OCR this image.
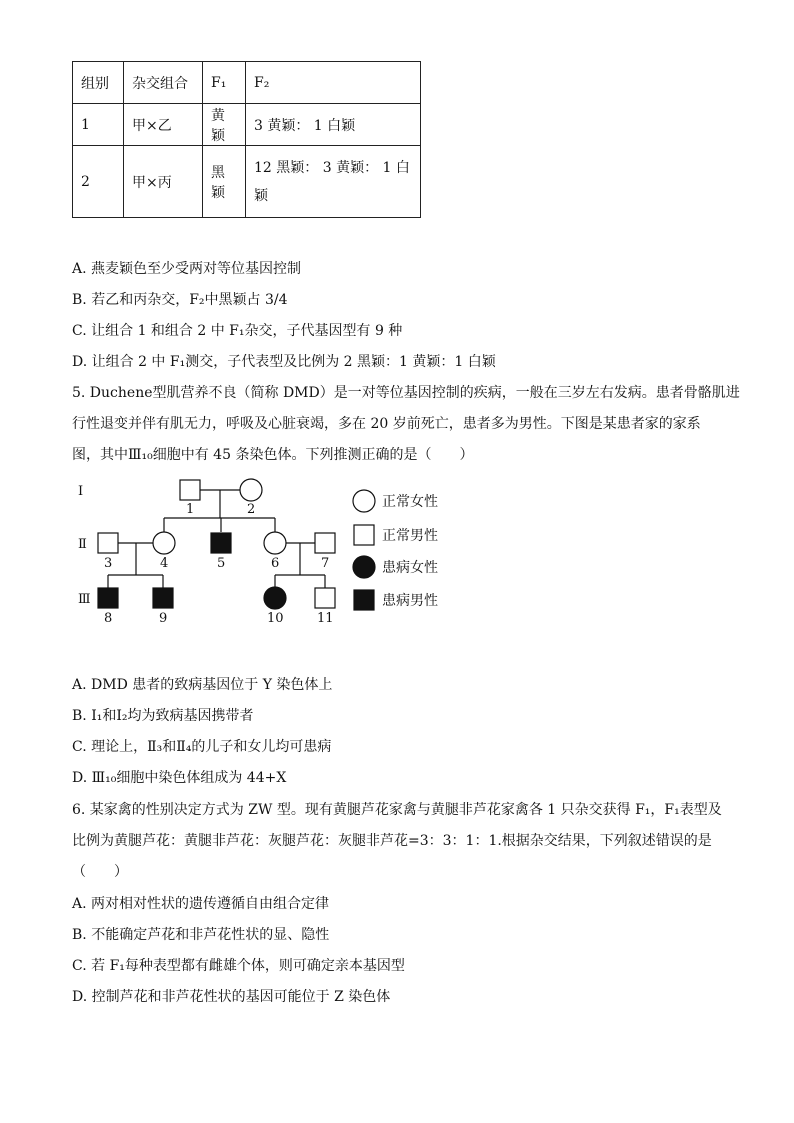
组别	杂交组合	F₁	F₂
1	甲×乙	黄颖	3 黄颖： 1 白颖
2	甲×丙	黑颖	12 黑颖： 3 黄颖： 1 白
颖
A. 燕麦颖色至少受两对等位基因控制
B. 若乙和丙杂交，F₂中黑颖占 3/4
C. 让组合 1 和组合 2 中 F₁杂交，子代基因型有 9 种
D. 让组合 2 中 F₁测交，子代表型及比例为 2 黑颖：1 黄颖：1 白颖
5. Duchene型肌营养不良（简称 DMD）是一对等位基因控制的疾病，一般在三岁左右发病。患者骨骼肌进
行性退变并伴有肌无力，呼吸及心脏衰竭，多在 20 岁前死亡，患者多为男性。下图是某患者家的家系
图，其中Ⅲ₁₀细胞中有 45 条染色体。下列推测正确的是（　　）
Ⅰ
Ⅱ
Ⅲ
1	2
3	4	5	6	7
8	9	10	11
正常女性
正常男性
患病女性
患病男性
A. DMD 患者的致病基因位于 Y 染色体上
B. Ⅰ₁和Ⅰ₂均为致病基因携带者
C. 理论上，Ⅱ₃和Ⅱ₄的儿子和女儿均可患病
D. Ⅲ₁₀细胞中染色体组成为 44+X
6. 某家禽的性别决定方式为 ZW 型。现有黄腿芦花家禽与黄腿非芦花家禽各 1 只杂交获得 F₁，F₁表型及
比例为黄腿芦花：黄腿非芦花：灰腿芦花：灰腿非芦花=3：3：1：1.根据杂交结果，下列叙述错误的是
（　　）
A. 两对相对性状的遗传遵循自由组合定律
B. 不能确定芦花和非芦花性状的显、隐性
C. 若 F₁每种表型都有雌雄个体，则可确定亲本基因型
D. 控制芦花和非芦花性状的基因可能位于 Z 染色体
